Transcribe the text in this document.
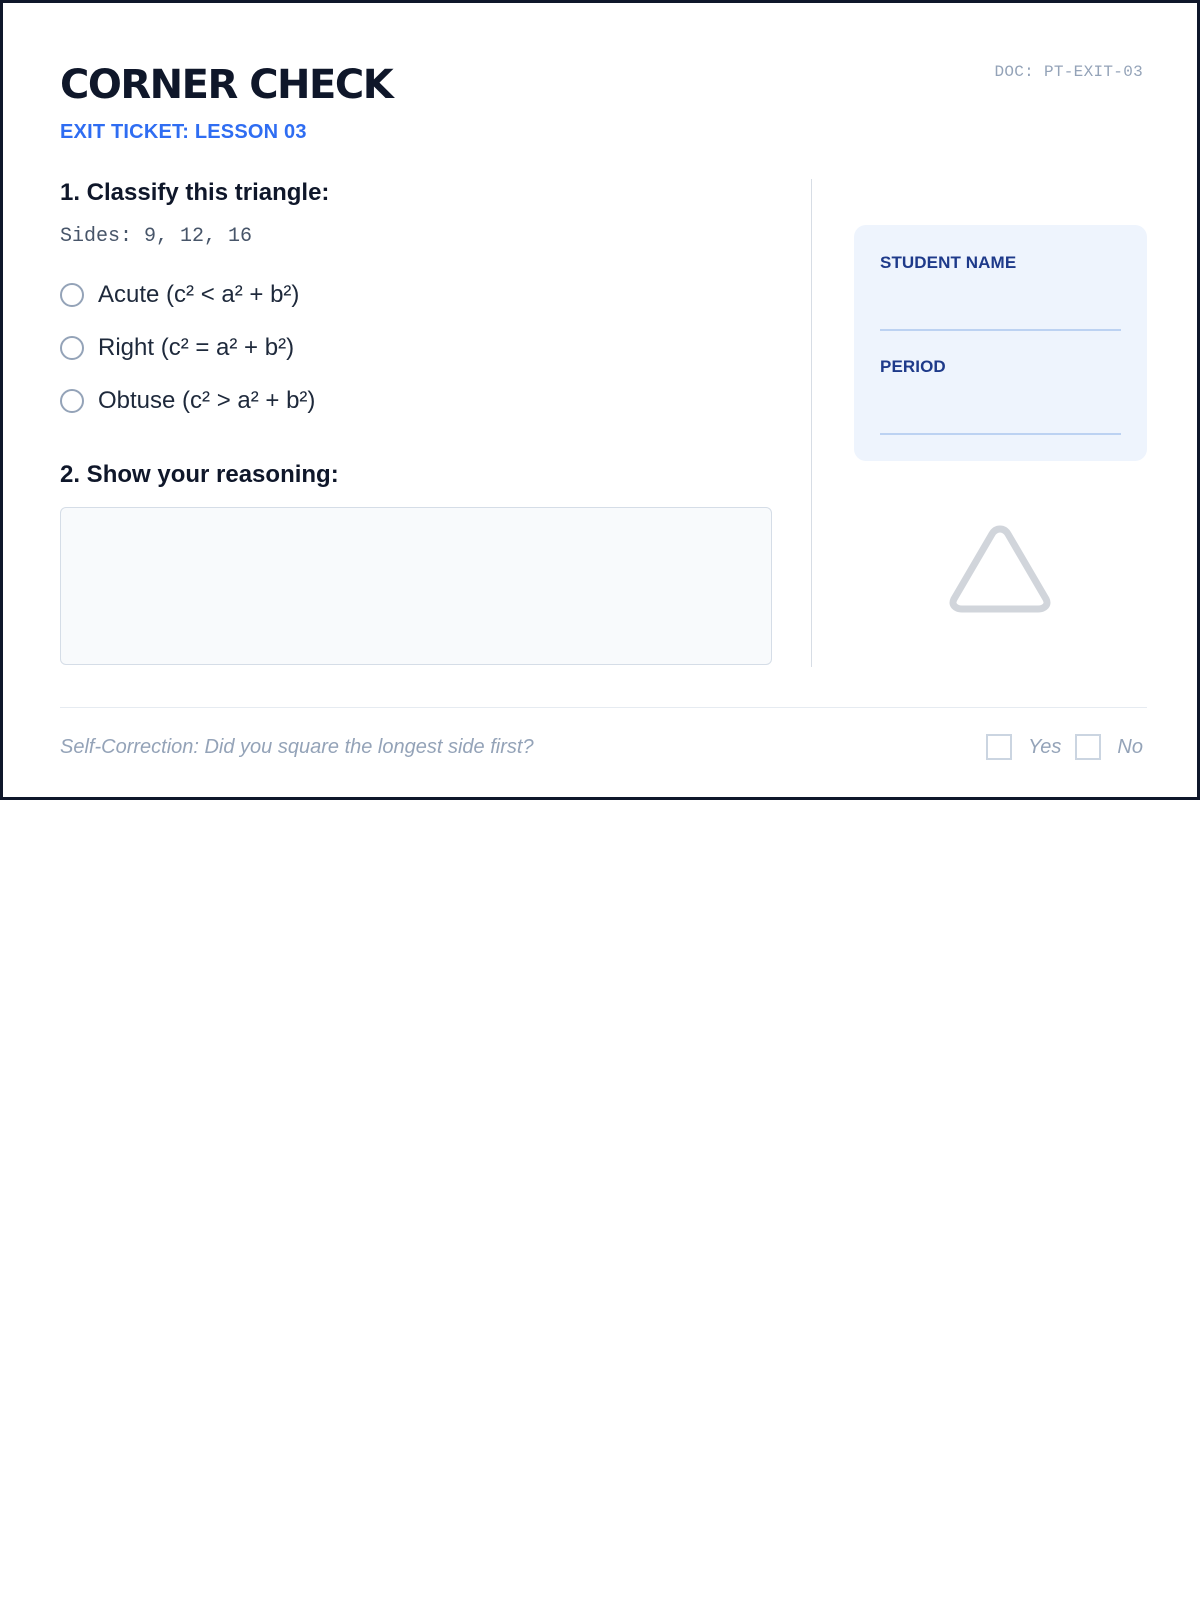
CORNER CHECK
EXIT TICKET: LESSON 03
DOC: PT-EXIT-03
1. Classify this triangle:
Sides: 9, 12, 16
Acute (c² < a² + b²)
Right (c² = a² + b²)
Obtuse (c² > a² + b²)
2. Show your reasoning:
STUDENT NAME
PERIOD
Self-Correction: Did you square the longest side first?	Yes	No
